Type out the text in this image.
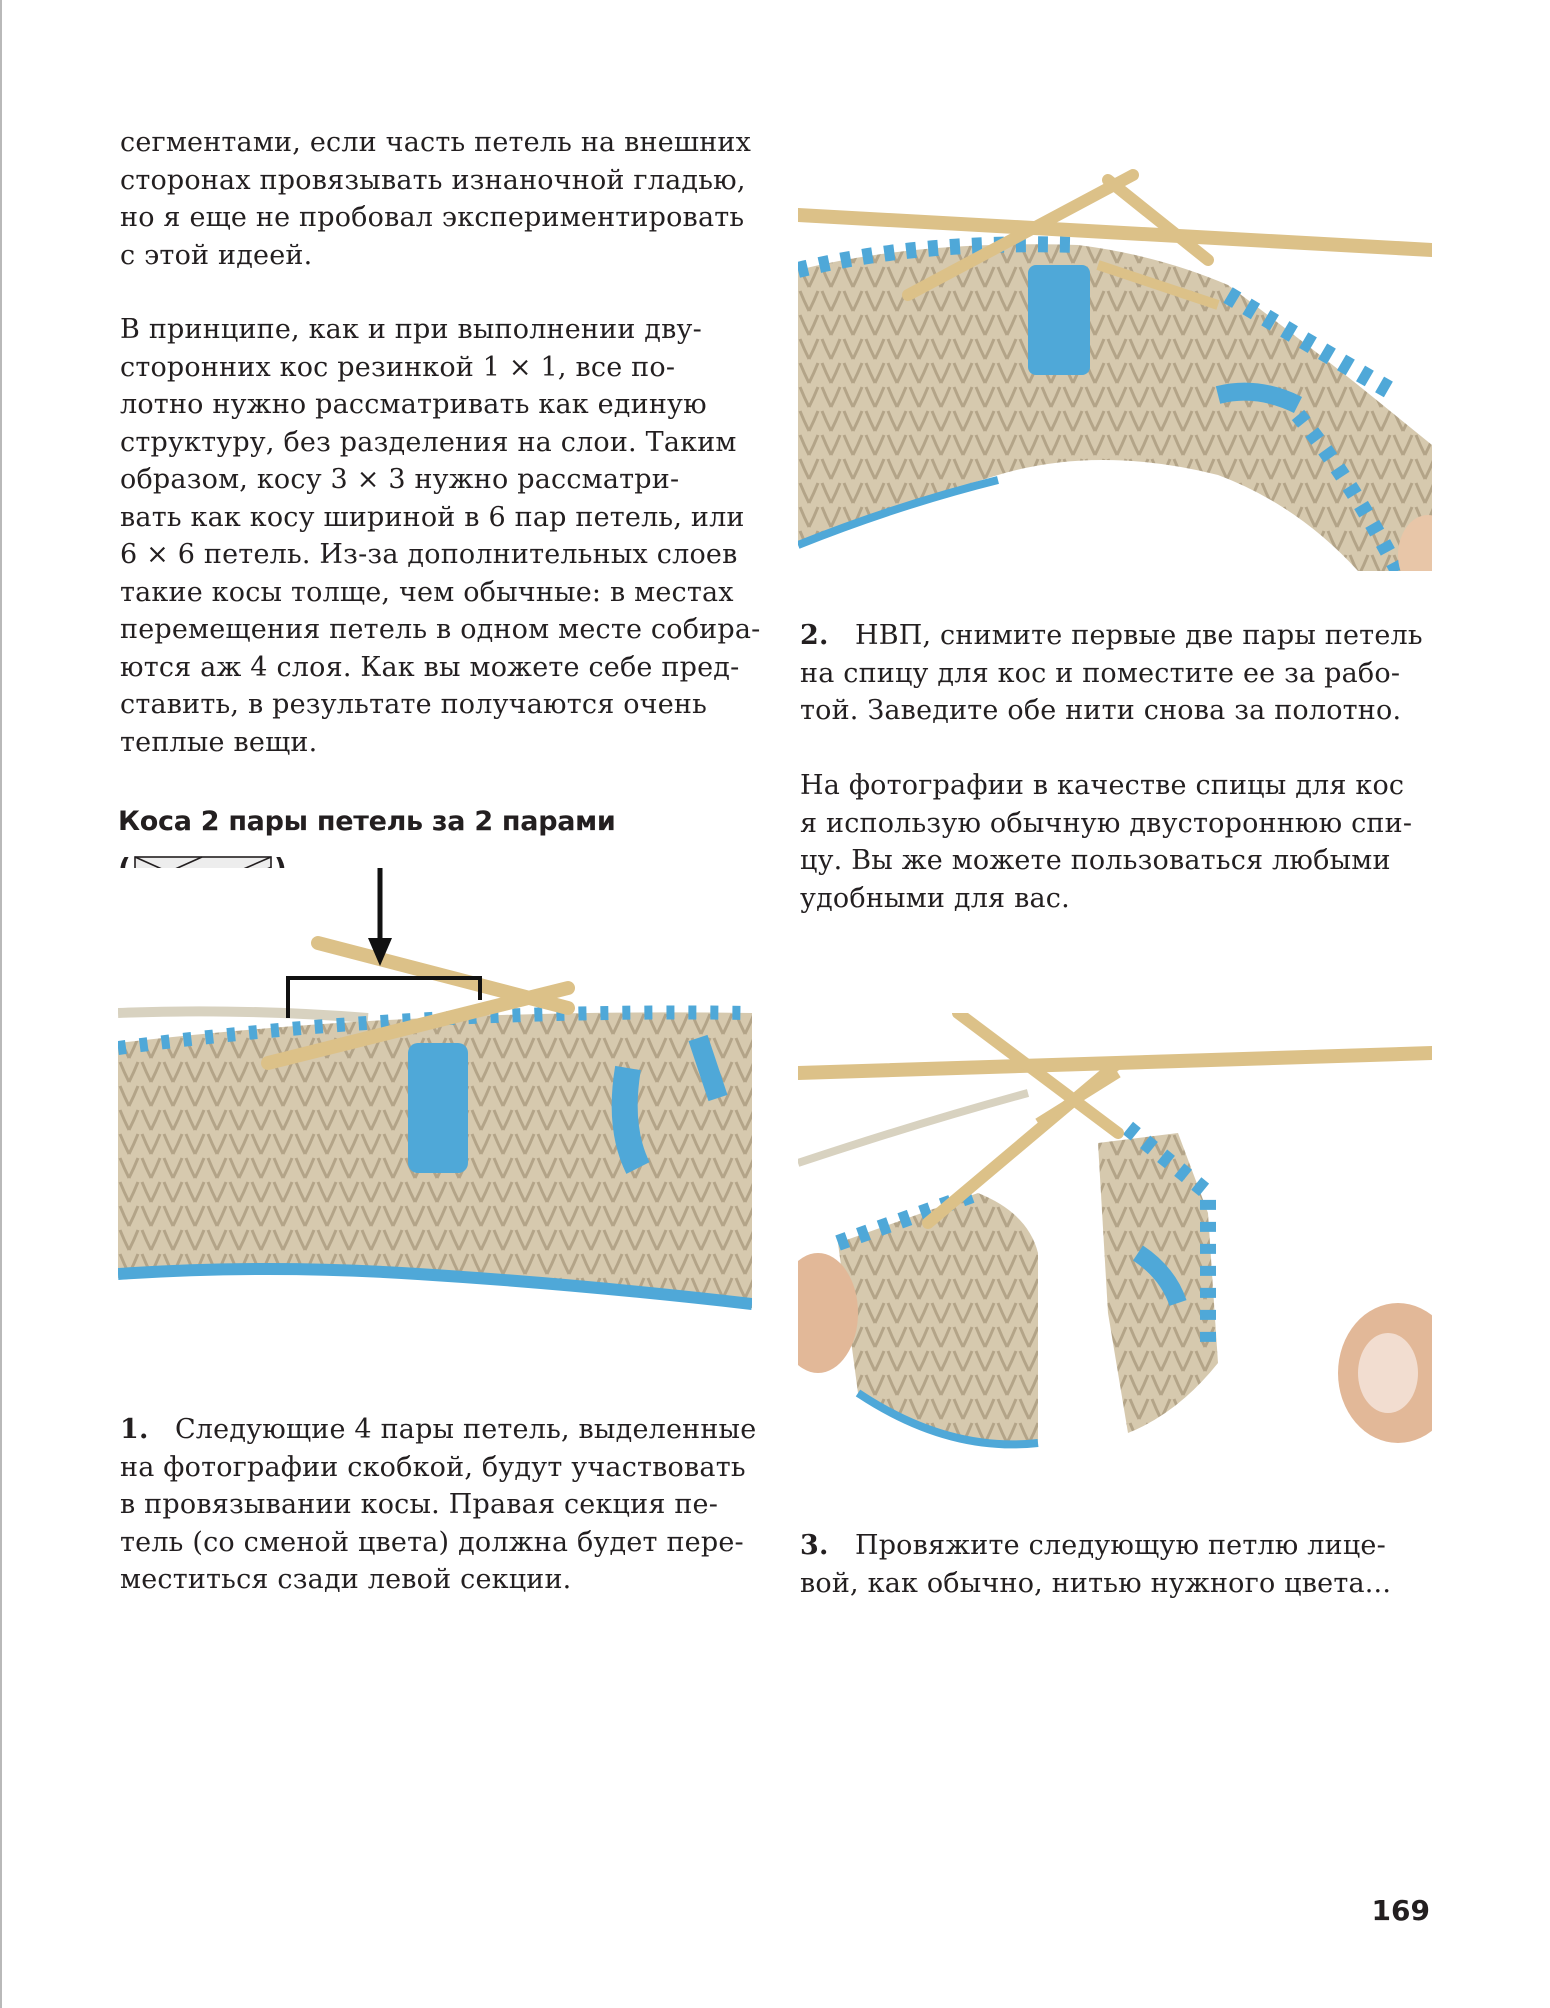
сегментами, если часть петель на внешних
сторонах провязывать изнаночной гладью,
но я еще не пробовал экспериментировать
с этой идеей.

В принципе, как и при выполнении дву-
сторонних кос резинкой 1 × 1, все по-
лотно нужно рассматривать как единую
структуру, без разделения на слои. Таким
образом, косу 3 × 3 нужно рассматри-
вать как косу шириной в 6 пар петель, или
6 × 6 петель. Из-за дополнительных слоев
такие косы толще, чем обычные: в местах
перемещения петель в одном месте собира-
ются аж 4 слоя. Как вы можете себе пред-
ставить, в результате получаются очень
теплые вещи.

Коса 2 пары петель за 2 парами

1. Следующие 4 пары петель, выделенные
на фотографии скобкой, будут участвовать
в провязывании косы. Правая секция пе-
тель (со сменой цвета) должна будет пере-
меститься сзади левой секции.

2. НВП, снимите первые две пары петель
на спицу для кос и поместите ее за рабо-
той. Заведите обе нити снова за полотно.

На фотографии в качестве спицы для кос
я использую обычную двустороннюю спи-
цу. Вы же можете пользоваться любыми
удобными для вас.

3. Провяжите следующую петлю лице-
вой, как обычно, нитью нужного цвета...

169
